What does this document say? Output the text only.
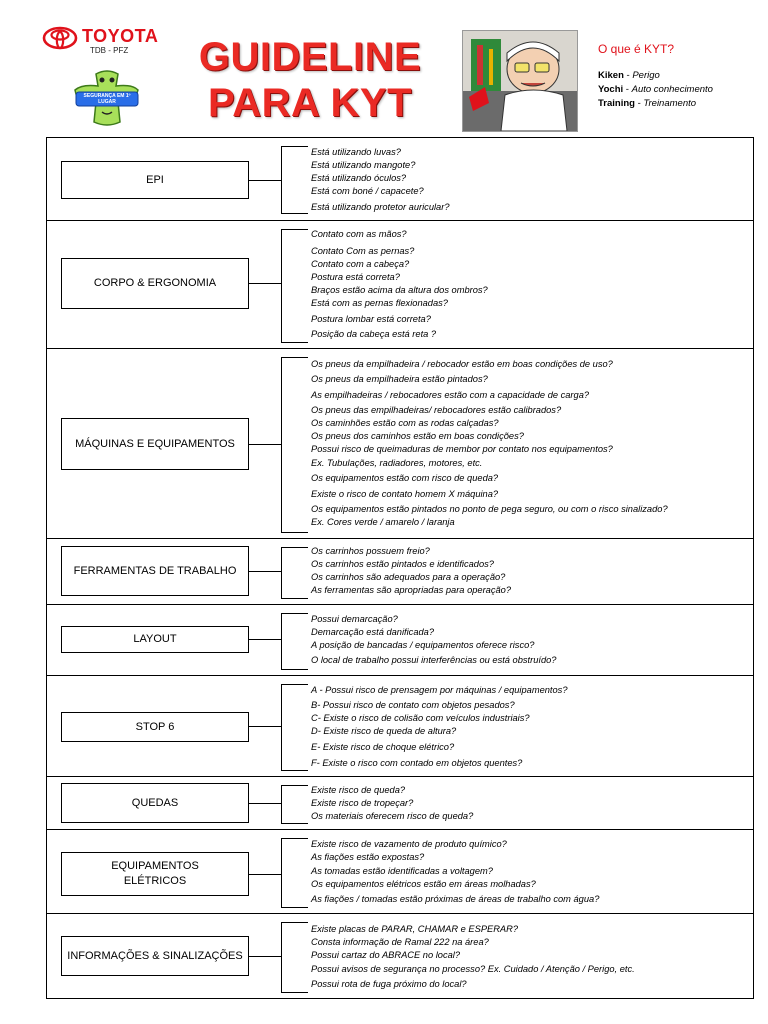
TOYOTA
TDB - PFZ
SEGURANÇA EM 1º LUGAR
GUIDELINE
PARA KYT
O que é KYT?
Kiken - Perigo
Yochi - Auto conhecimento
Training - Treinamento
EPI
Está utilizando luvas?
Está utilizando mangote?
Está utilizando óculos?
Está com boné / capacete?
Está utilizando protetor auricular?
CORPO & ERGONOMIA
Contato com as mãos?
Contato Com as pernas?
Contato com a cabeça?
Postura está correta?
Braços estão acima da altura dos ombros?
Está com as pernas flexionadas?
Postura lombar está correta?
Posição da cabeça está reta ?
MÁQUINAS E EQUIPAMENTOS
Os pneus da empilhadeira / rebocador estão em boas condições de uso?
Os pneus da empilhadeira estão pintados?
As empilhadeiras / rebocadores estão com a capacidade de carga?
Os pneus das empilhadeiras/ rebocadores estão calibrados?
Os caminhões estão com as rodas calçadas?
Os pneus dos caminhos estão em boas condições?
Possui risco de queimaduras de membor por contato nos equipamentos?
Ex. Tubulações, radiadores, motores, etc.
Os equipamentos estão com risco de queda?
Existe o risco de contato homem X máquina?
Os equipamentos estão pintados no ponto de pega seguro, ou com o risco sinalizado?
Ex. Cores verde / amarelo / laranja
FERRAMENTAS DE TRABALHO
Os carrinhos possuem freio?
Os carrinhos estão pintados e identificados?
Os carrinhos são adequados para a operação?
As ferramentas são apropriadas para operação?
LAYOUT
Possui demarcação?
Demarcação está danificada?
A posição de bancadas / equipamentos oferece risco?
O local de trabalho possui interferências ou está obstruído?
STOP 6
A - Possui risco de prensagem por máquinas / equipamentos?
B- Possui risco de contato com objetos pesados?
C- Existe o risco de colisão com veículos industriais?
D- Existe risco de queda de altura?
E- Existe risco de choque elétrico?
F- Existe o risco com contado em objetos quentes?
QUEDAS
Existe risco de queda?
Existe risco de tropeçar?
Os materiais oferecem risco de queda?
EQUIPAMENTOS
ELÉTRICOS
Existe risco de vazamento de produto químico?
As fiações estão expostas?
As tomadas estão identificadas a voltagem?
Os equipamentos elétricos estão em áreas molhadas?
As fiações / tomadas estão próximas de áreas de trabalho com água?
INFORMAÇÕES & SINALIZAÇÕES
Existe placas de PARAR, CHAMAR e ESPERAR?
Consta informação de Ramal 222 na área?
Possui cartaz do ABRACE no local?
Possui avisos de segurança no processo? Ex. Cuidado / Atenção / Perigo, etc.
Possui rota de fuga próximo do local?
